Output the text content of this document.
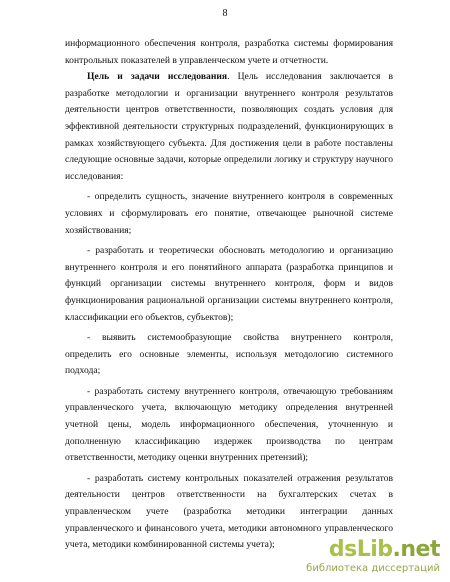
8

информационного обеспечения контроля, разработка системы формирования контрольных показателей в управленческом учете и отчетности.

Цель и задачи исследования. Цель исследования заключается в разработке методологии и организации внутреннего контроля результатов деятельности центров ответственности, позволяющих создать условия для эффективной деятельности структурных подразделений, функционирующих в рамках хозяйствующего субъекта. Для достижения цели в работе поставлены следующие основные задачи, которые определили логику и структуру научного исследования:

- определить сущность, значение внутреннего контроля в современных условиях и сформулировать его понятие, отвечающее рыночной системе хозяйствования;

- разработать и теоретически обосновать методологию и организацию внутреннего контроля и его понятийного аппарата (разработка принципов и функций организации системы внутреннего контроля, форм и видов функционирования рациональной организации системы внутреннего контроля, классификации его объектов, субъектов);

- выявить системообразующие свойства внутреннего контроля, определить его основные элементы, используя методологию системного подхода;

- разработать систему внутреннего контроля, отвечающую требованиям управленческого учета, включающую методику определения внутренней учетной цены, модель информационного обеспечения, уточненную и дополненную классификацию издержек производства по центрам ответственности, методику оценки внутренних претензий);

- разработать систему контрольных показателей отражения результатов деятельности центров ответственности на бухгалтерских счетах в управленческом учете (разработка методики интеграции данных управленческого и финансового учета, методики автономного управленческого учета, методики комбинированной системы учета);	dsLib.net
библиотека диссертаций
